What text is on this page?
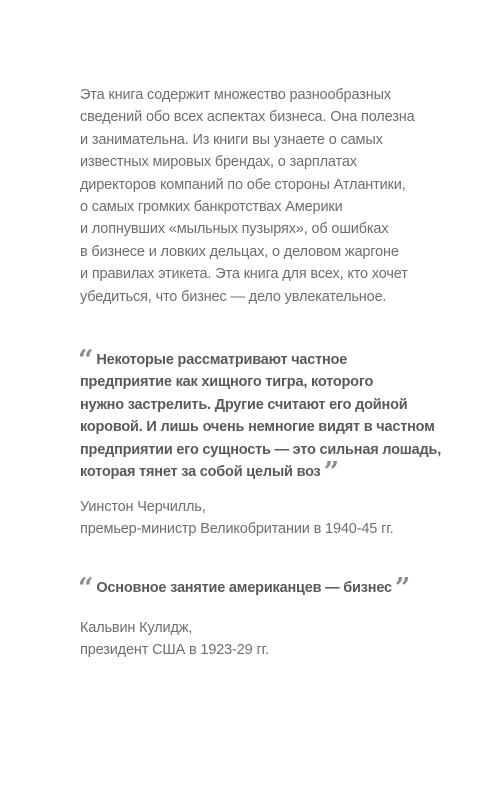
Эта книга содержит множество разнообразных
сведений обо всех аспектах бизнеса. Она полезна
и занимательна. Из книги вы узнаете о самых
известных мировых брендах, о зарплатах
директоров компаний по обе стороны Атлантики,
о самых громких банкротствах Америки
и лопнувших «мыльных пузырях», об ошибках
в бизнесе и ловких дельцах, о деловом жаргоне
и правилах этикета. Эта книга для всех, кто хочет
убедиться, что бизнес — дело увлекательное.
“ Некоторые рассматривают частное
предприятие как хищного тигра, которого
нужно застрелить. Другие считают его дойной
коровой. И лишь очень немногие видят в частном
предприятии его сущность — это сильная лошадь,
которая тянет за собой целый воз ”
Уинстон Черчилль,
премьер-министр Великобритании в 1940-45 гг.
“ Основное занятие американцев — бизнес ”
Кальвин Кулидж,
президент США в 1923-29 гг.
